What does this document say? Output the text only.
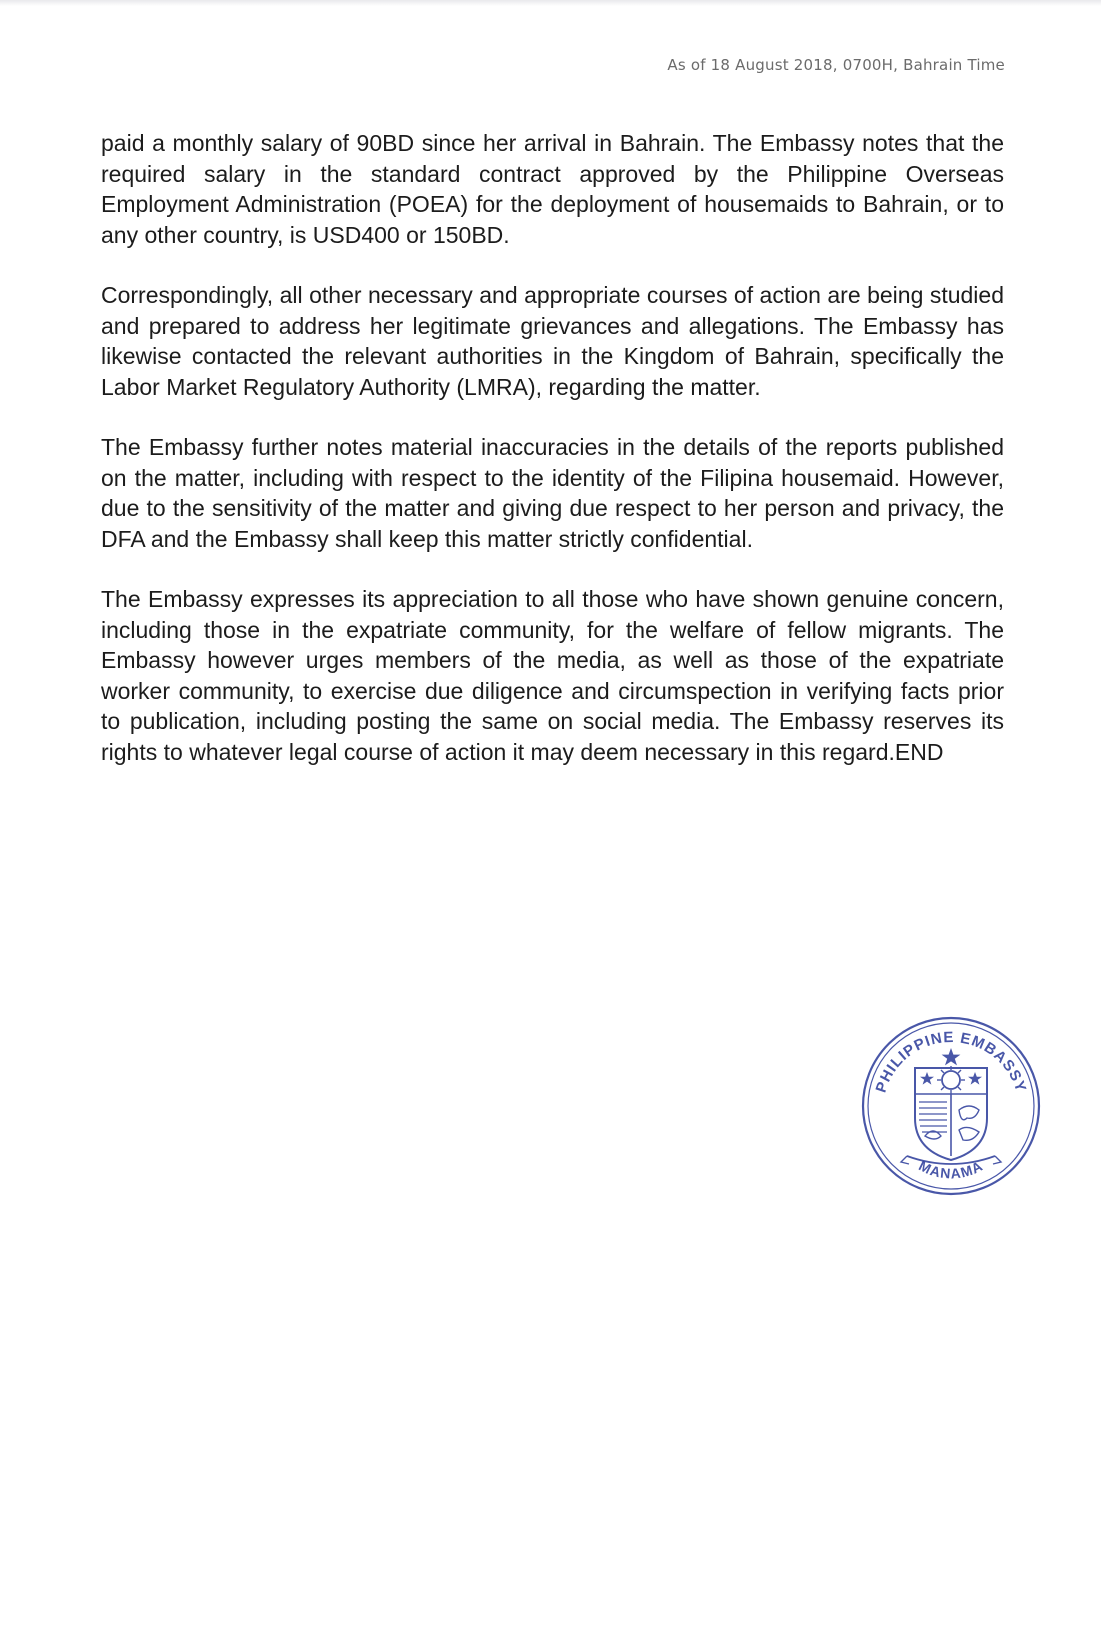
As of 18 August 2018, 0700H, Bahrain Time

paid a monthly salary of 90BD since her arrival in Bahrain. The Embassy notes that the required salary in the standard contract approved by the Philippine Overseas Employment Administration (POEA) for the deployment of housemaids to Bahrain, or to any other country, is USD400 or 150BD.

Correspondingly, all other necessary and appropriate courses of action are being studied and prepared to address her legitimate grievances and allegations. The Embassy has likewise contacted the relevant authorities in the Kingdom of Bahrain, specifically the Labor Market Regulatory Authority (LMRA), regarding the matter.

The Embassy further notes material inaccuracies in the details of the reports published on the matter, including with respect to the identity of the Filipina housemaid. However, due to the sensitivity of the matter and giving due respect to her person and privacy, the DFA and the Embassy shall keep this matter strictly confidential.

The Embassy expresses its appreciation to all those who have shown genuine concern, including those in the expatriate community, for the welfare of fellow migrants. The Embassy however urges members of the media, as well as those of the expatriate worker community, to exercise due diligence and circumspection in verifying facts prior to publication, including posting the same on social media. The Embassy reserves its rights to whatever legal course of action it may deem necessary in this regard.END

PHILIPPINE EMBASSY
MANAMA
